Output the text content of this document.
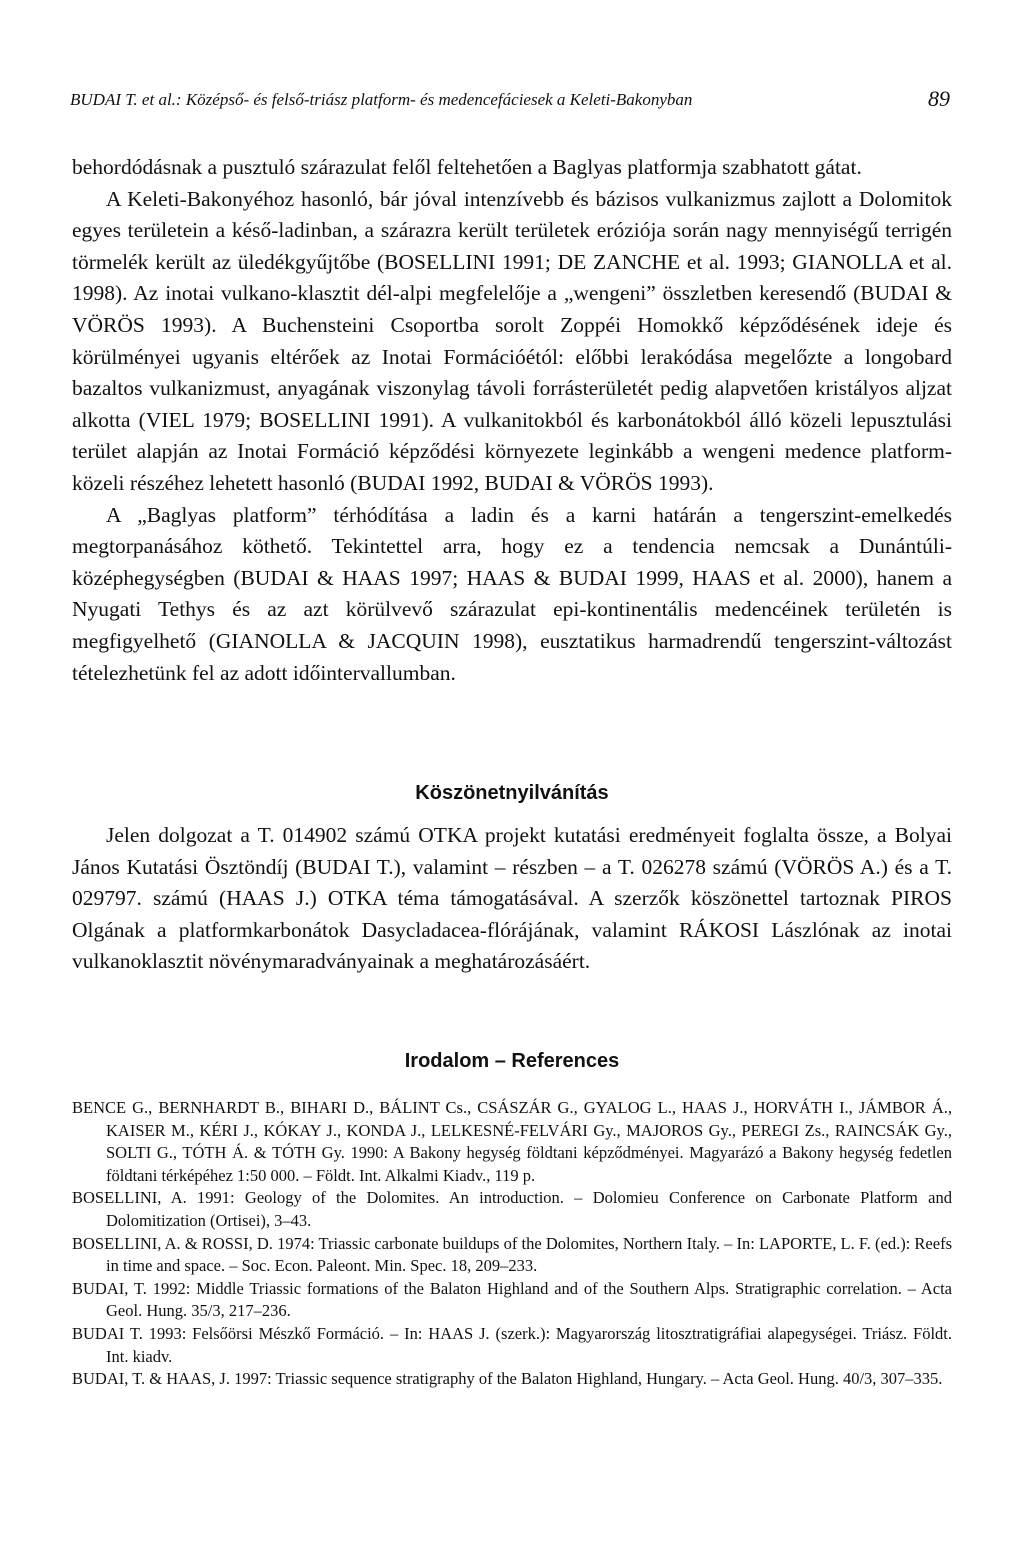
BUDAI T. et al.: Középső- és felső-triász platform- és medencefáciesek a Keleti-Bakonyban	89

behordódásnak a pusztuló szárazulat felől feltehetően a Baglyas platformja szabhatott gátat.

A Keleti-Bakonyéhoz hasonló, bár jóval intenzívebb és bázisos vulkanizmus zajlott a Dolomitok egyes területein a késő-ladinban, a szárazra került területek eróziója során nagy mennyiségű terrigén törmelék került az üledékgyűjtőbe (BOSELLINI 1991; DE ZANCHE et al. 1993; GIANOLLA et al. 1998). Az inotai vulkano-klasztit dél-alpi megfelelője a „wengeni” összletben keresendő (BUDAI & VÖRÖS 1993). A Buchensteini Csoportba sorolt Zoppéi Homokkő képződésének ideje és körülményei ugyanis eltérőek az Inotai Formációétól: előbbi lerakódása megelőzte a longobard bazaltos vulkanizmust, anyagának viszonylag távoli forrásterületét pedig alapvetően kristályos aljzat alkotta (VIEL 1979; BOSELLINI 1991). A vulkanitokból és karbonátokból álló közeli lepusztulási terület alapján az Inotai Formáció képződési környezete leginkább a wengeni medence platform-közeli részéhez lehetett hasonló (BUDAI 1992, BUDAI & VÖRÖS 1993).

A „Baglyas platform” térhódítása a ladin és a karni határán a tengerszint-emelkedés megtorpanásához köthető. Tekintettel arra, hogy ez a tendencia nemcsak a Dunántúli-középhegységben (BUDAI & HAAS 1997; HAAS & BUDAI 1999, HAAS et al. 2000), hanem a Nyugati Tethys és az azt körülvevő szárazulat epi-kontinentális medencéinek területén is megfigyelhető (GIANOLLA & JACQUIN 1998), eusztatikus harmadrendű tengerszint-változást tételezhetünk fel az adott időintervallumban.

Köszönetnyilvánítás

Jelen dolgozat a T. 014902 számú OTKA projekt kutatási eredményeit foglalta össze, a Bolyai János Kutatási Ösztöndíj (BUDAI T.), valamint – részben – a T. 026278 számú (VÖRÖS A.) és a T. 029797. számú (HAAS J.) OTKA téma támogatásával. A szerzők köszönettel tartoznak PIROS Olgának a platformkarbonátok Dasycladacea-flórájának, valamint RÁKOSI Lászlónak az inotai vulkanoklasztit növénymaradványainak a meghatározásáért.

Irodalom – References
BENCE G., BERNHARDT B., BIHARI D., BÁLINT Cs., CSÁSZÁR G., GYALOG L., HAAS J., HORVÁTH I., JÁMBOR Á., KAISER M., KÉRI J., KÓKAY J., KONDA J., LELKESNÉ-FELVÁRI Gy., MAJOROS Gy., PEREGI Zs., RAINCSÁK Gy., SOLTI G., TÓTH Á. & TÓTH Gy. 1990: A Bakony hegység földtani képződményei. Magyarázó a Bakony hegység fedetlen földtani térképéhez 1:50 000. – Földt. Int. Alkalmi Kiadv., 119 p.
BOSELLINI, A. 1991: Geology of the Dolomites. An introduction. – Dolomieu Conference on Carbonate Platform and Dolomitization (Ortisei), 3–43.
BOSELLINI, A. & ROSSI, D. 1974: Triassic carbonate buildups of the Dolomites, Northern Italy. – In: LAPORTE, L. F. (ed.): Reefs in time and space. – Soc. Econ. Paleont. Min. Spec. 18, 209–233.
BUDAI, T. 1992: Middle Triassic formations of the Balaton Highland and of the Southern Alps. Stratigraphic correlation. – Acta Geol. Hung. 35/3, 217–236.
BUDAI T. 1993: Felsőörsi Mészkő Formáció. – In: HAAS J. (szerk.): Magyarország litosztratigráfiai alapegységei. Triász. Földt. Int. kiadv.
BUDAI, T. & HAAS, J. 1997: Triassic sequence stratigraphy of the Balaton Highland, Hungary. – Acta Geol. Hung. 40/3, 307–335.
